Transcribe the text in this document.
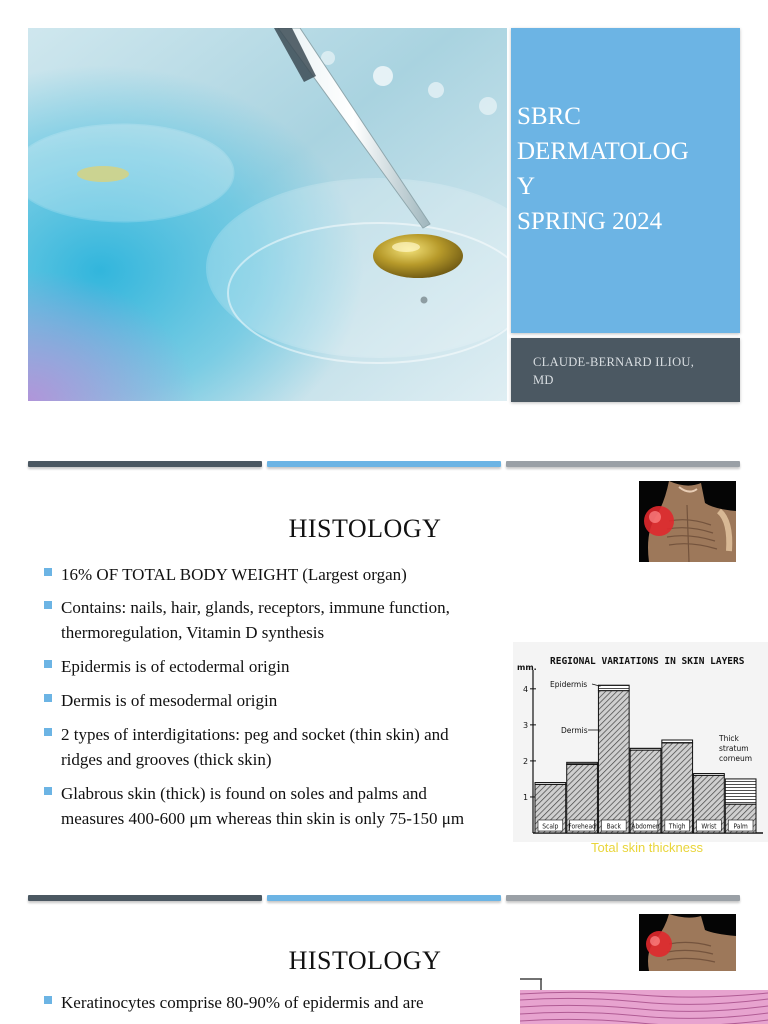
SBRC
DERMATOLOG
Y
SPRING 2024
CLAUDE-BERNARD ILIOU,
MD
HISTOLOGY
16% OF TOTAL BODY WEIGHT (Largest organ)
Contains: nails, hair, glands, receptors, immune function, thermoregulation, Vitamin D synthesis
Epidermis is of ectodermal origin
Dermis is of mesodermal origin
2 types of interdigitations: peg and socket (thin skin) and ridges and grooves (thick skin)
Glabrous skin (thick) is found on soles and palms and measures 400-600 μm whereas thin skin is only 75-150 μm
REGIONAL VARIATIONS IN SKIN LAYERS
mm.
1
2
3
4
Scalp Forehead Back Abdomen Thigh Wrist	Palm
Epidermis
Dermis
Thick
stratum
corneum
Total skin thickness
HISTOLOGY
Keratinocytes comprise 80-90% of epidermis and are
